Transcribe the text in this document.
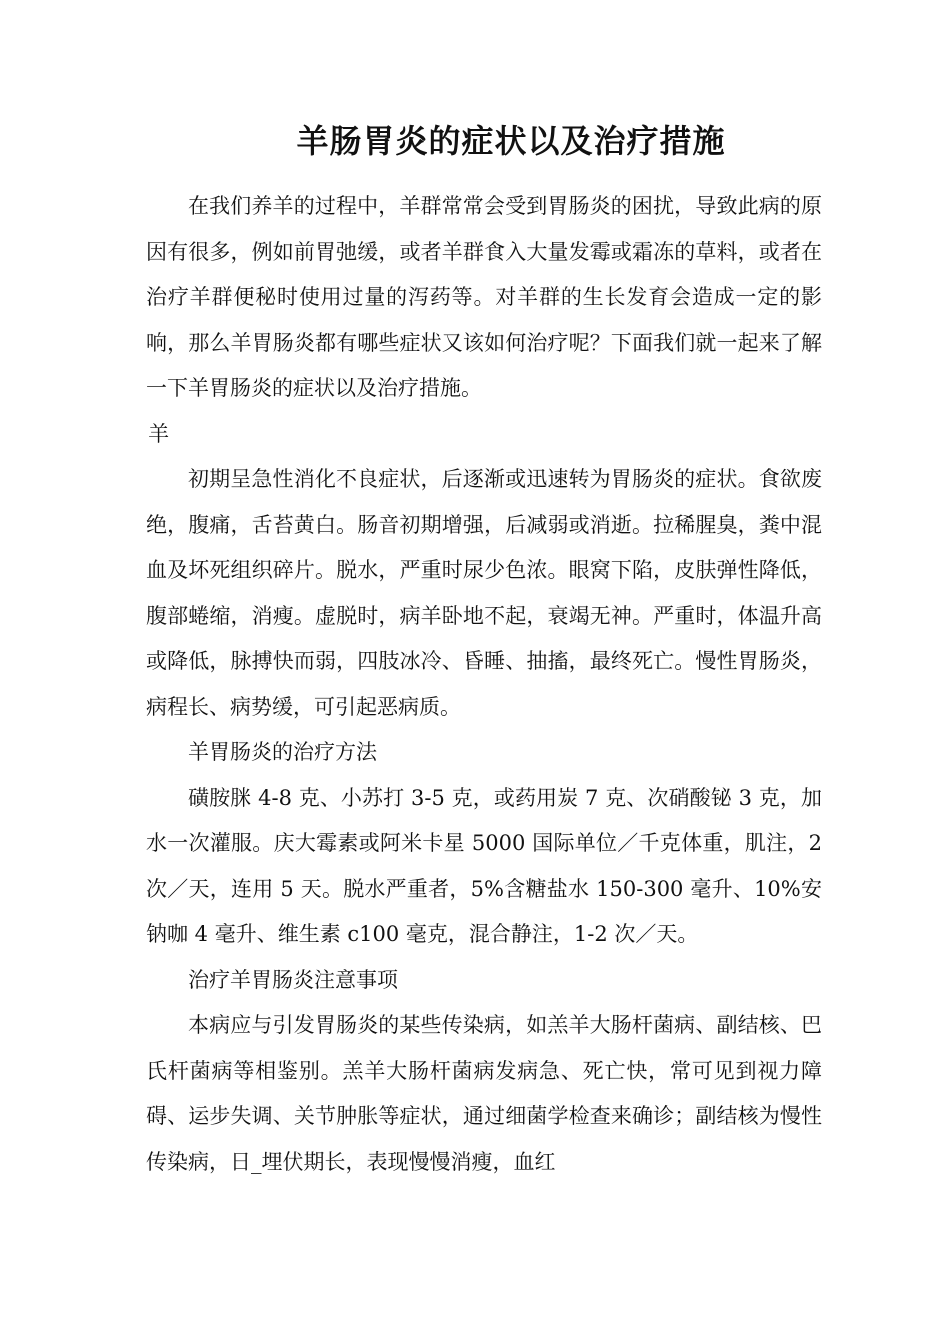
羊肠胃炎的症状以及治疗措施

在我们养羊的过程中，羊群常常会受到胃肠炎的困扰，导致此病的原因有很多，例如前胃弛缓，或者羊群食入大量发霉或霜冻的草料，或者在治疗羊群便秘时使用过量的泻药等。对羊群的生长发育会造成一定的影响，那么羊胃肠炎都有哪些症状又该如何治疗呢？下面我们就一起来了解一下羊胃肠炎的症状以及治疗措施。

羊

初期呈急性消化不良症状，后逐渐或迅速转为胃肠炎的症状。食欲废绝，腹痛，舌苔黄白。肠音初期增强，后减弱或消逝。拉稀腥臭，粪中混血及坏死组织碎片。脱水，严重时尿少色浓。眼窝下陷，皮肤弹性降低，腹部蜷缩，消瘦。虚脱时，病羊卧地不起，衰竭无神。严重时，体温升高或降低，脉搏快而弱，四肢冰冷、昏睡、抽搐，最终死亡。慢性胃肠炎，病程长、病势缓，可引起恶病质。

羊胃肠炎的治疗方法

磺胺脒 4-8 克、小苏打 3-5 克，或药用炭 7 克、次硝酸铋 3 克，加水一次灌服。庆大霉素或阿米卡星 5000 国际单位／千克体重，肌注，2 次／天，连用 5 天。脱水严重者，5%含糖盐水 150-300 毫升、10%安钠咖 4 毫升、维生素 c100 毫克，混合静注，1-2 次／天。

治疗羊胃肠炎注意事项

本病应与引发胃肠炎的某些传染病，如羔羊大肠杆菌病、副结核、巴氏杆菌病等相鉴别。羔羊大肠杆菌病发病急、死亡快，常可见到视力障碍、运步失调、关节肿胀等症状，通过细菌学检查来确诊；副结核为慢性传染病，日_埋伏期长，表现慢慢消瘦，血红
